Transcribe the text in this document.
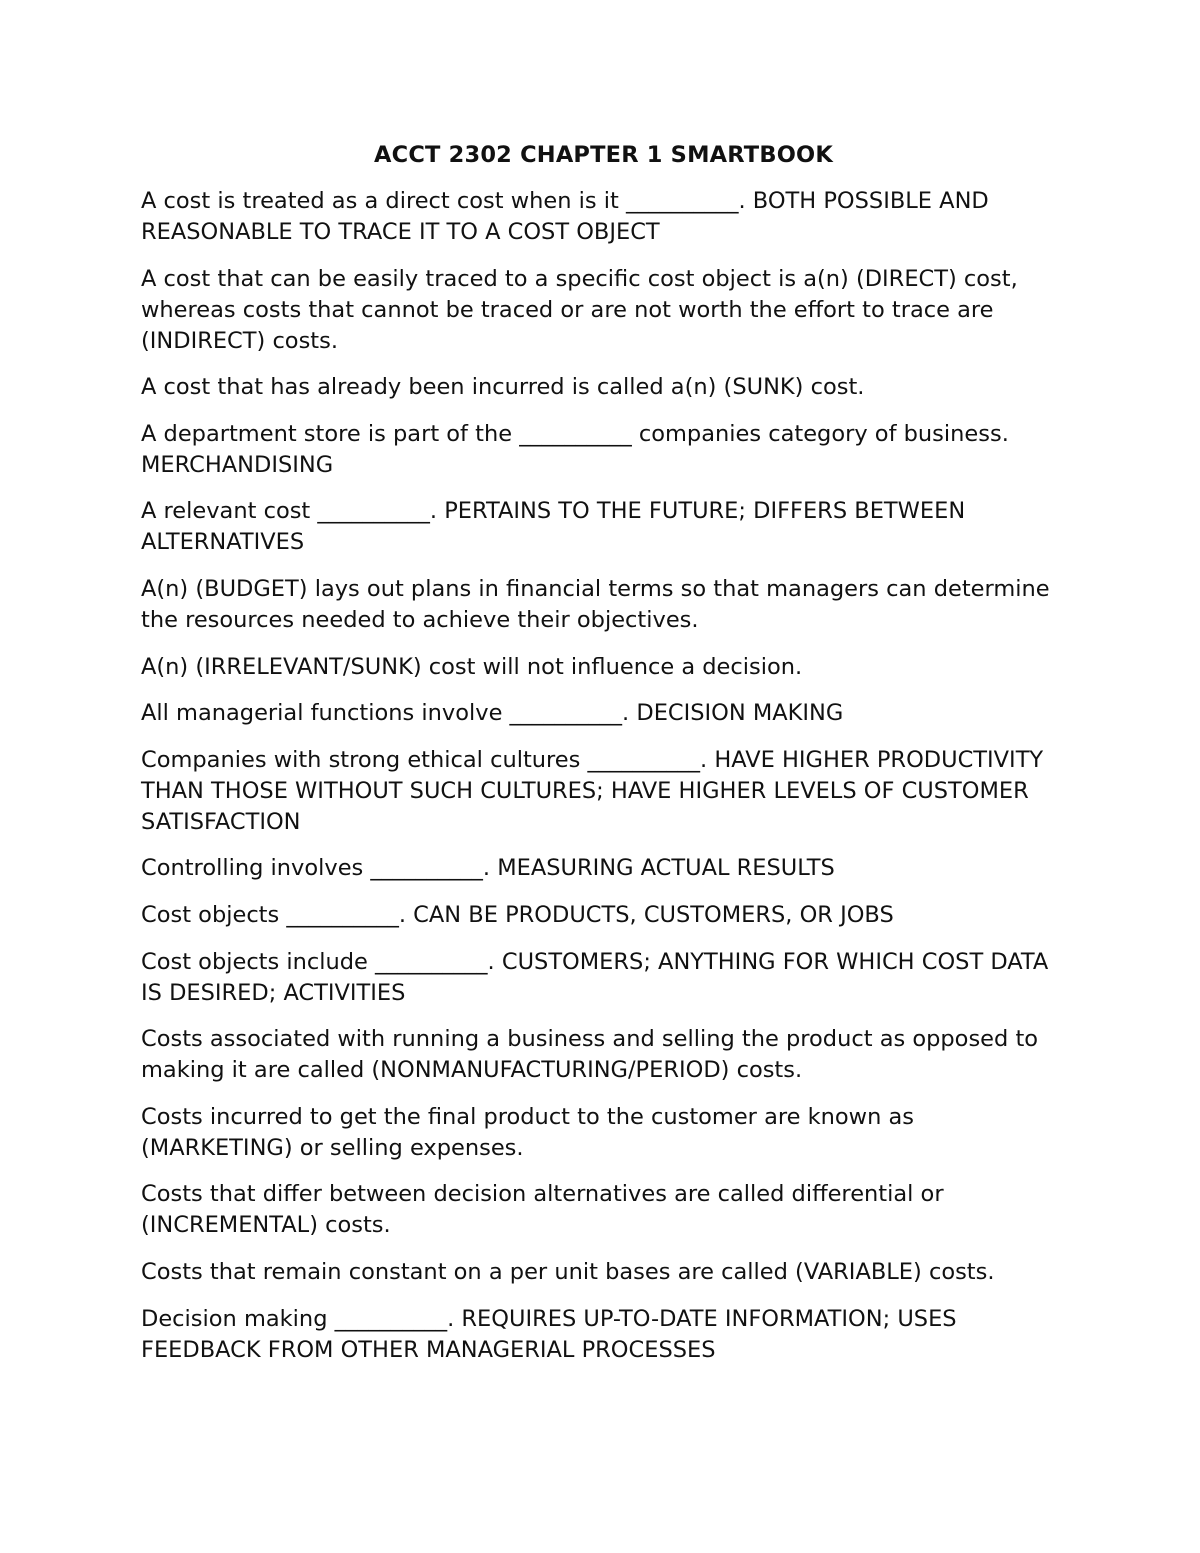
ACCT 2302 CHAPTER 1 SMARTBOOK

A cost is treated as a direct cost when is it __________. BOTH POSSIBLE AND REASONABLE TO TRACE IT TO A COST OBJECT

A cost that can be easily traced to a specific cost object is a(n) (DIRECT) cost, whereas costs that cannot be traced or are not worth the effort to trace are (INDIRECT) costs.

A cost that has already been incurred is called a(n) (SUNK) cost.

A department store is part of the __________ companies category of business. MERCHANDISING

A relevant cost __________. PERTAINS TO THE FUTURE; DIFFERS BETWEEN ALTERNATIVES

A(n) (BUDGET) lays out plans in financial terms so that managers can determine the resources needed to achieve their objectives.

A(n) (IRRELEVANT/SUNK) cost will not influence a decision.

All managerial functions involve __________. DECISION MAKING

Companies with strong ethical cultures __________. HAVE HIGHER PRODUCTIVITY THAN THOSE WITHOUT SUCH CULTURES; HAVE HIGHER LEVELS OF CUSTOMER SATISFACTION

Controlling involves __________. MEASURING ACTUAL RESULTS

Cost objects __________. CAN BE PRODUCTS, CUSTOMERS, OR JOBS

Cost objects include __________. CUSTOMERS; ANYTHING FOR WHICH COST DATA IS DESIRED; ACTIVITIES

Costs associated with running a business and selling the product as opposed to making it are called (NONMANUFACTURING/PERIOD) costs.

Costs incurred to get the final product to the customer are known as (MARKETING) or selling expenses.

Costs that differ between decision alternatives are called differential or (INCREMENTAL) costs.

Costs that remain constant on a per unit bases are called (VARIABLE) costs.

Decision making __________. REQUIRES UP-TO-DATE INFORMATION; USES FEEDBACK FROM OTHER MANAGERIAL PROCESSES
